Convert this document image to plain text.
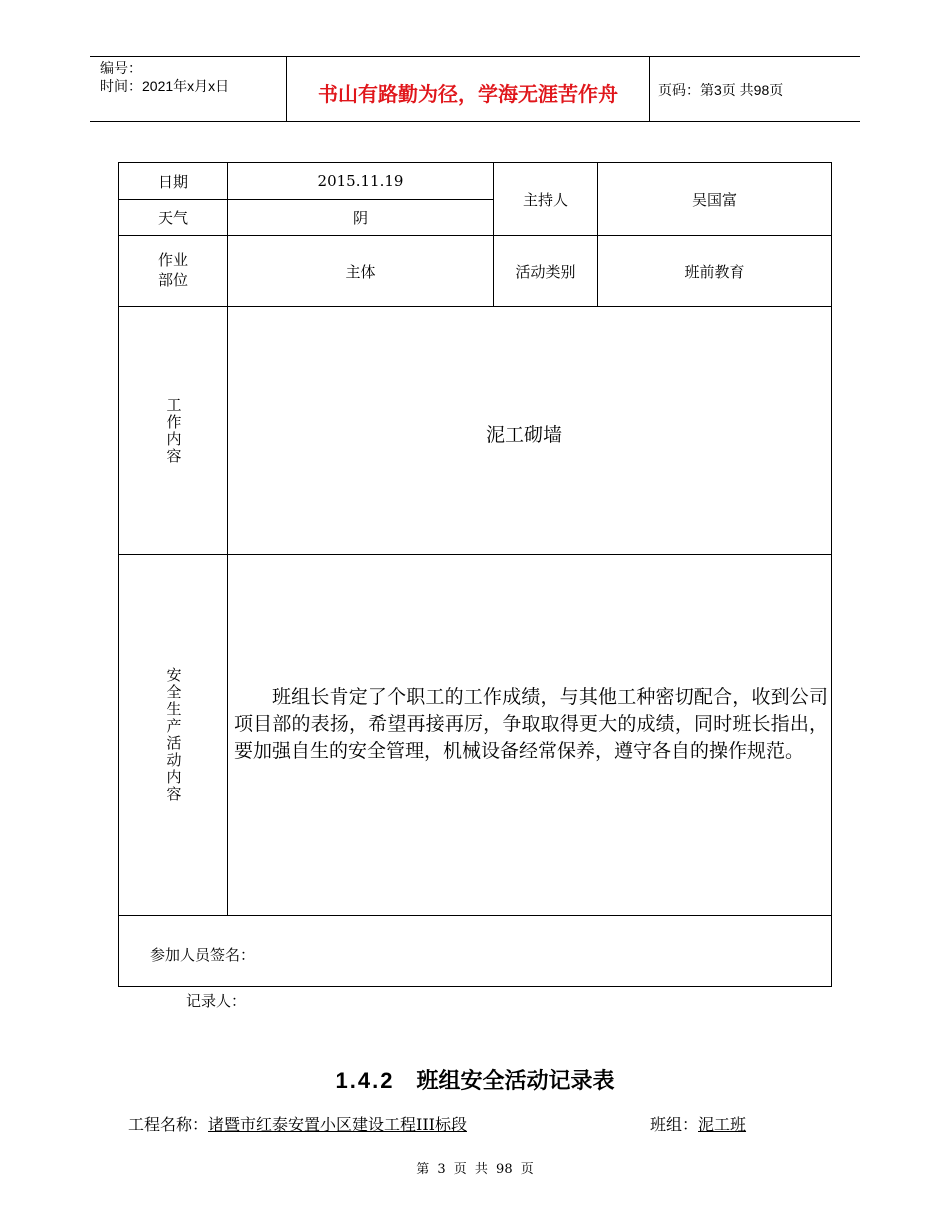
编号：
时间：2021年x月x日	书山有路勤为径，学海无涯苦作舟	页码：第3页 共98页
日期	2015.11.19
天气	阴
主持人	吴国富
作业
部位	主体	活动类别	班前教育
工作内容	泥工砌墙
安全生产活动内容	班组长肯定了个职工的工作成绩，与其他工种密切配合，收到公司项目部的表扬，希望再接再厉，争取取得更大的成绩，同时班长指出，要加强自生的安全管理，机械设备经常保养，遵守各自的操作规范。
参加人员签名：
记录人：
1.4.2 班组安全活动记录表
工程名称：诸暨市红泰安置小区建设工程III标段	班组：泥工班
第 3 页 共 98 页
